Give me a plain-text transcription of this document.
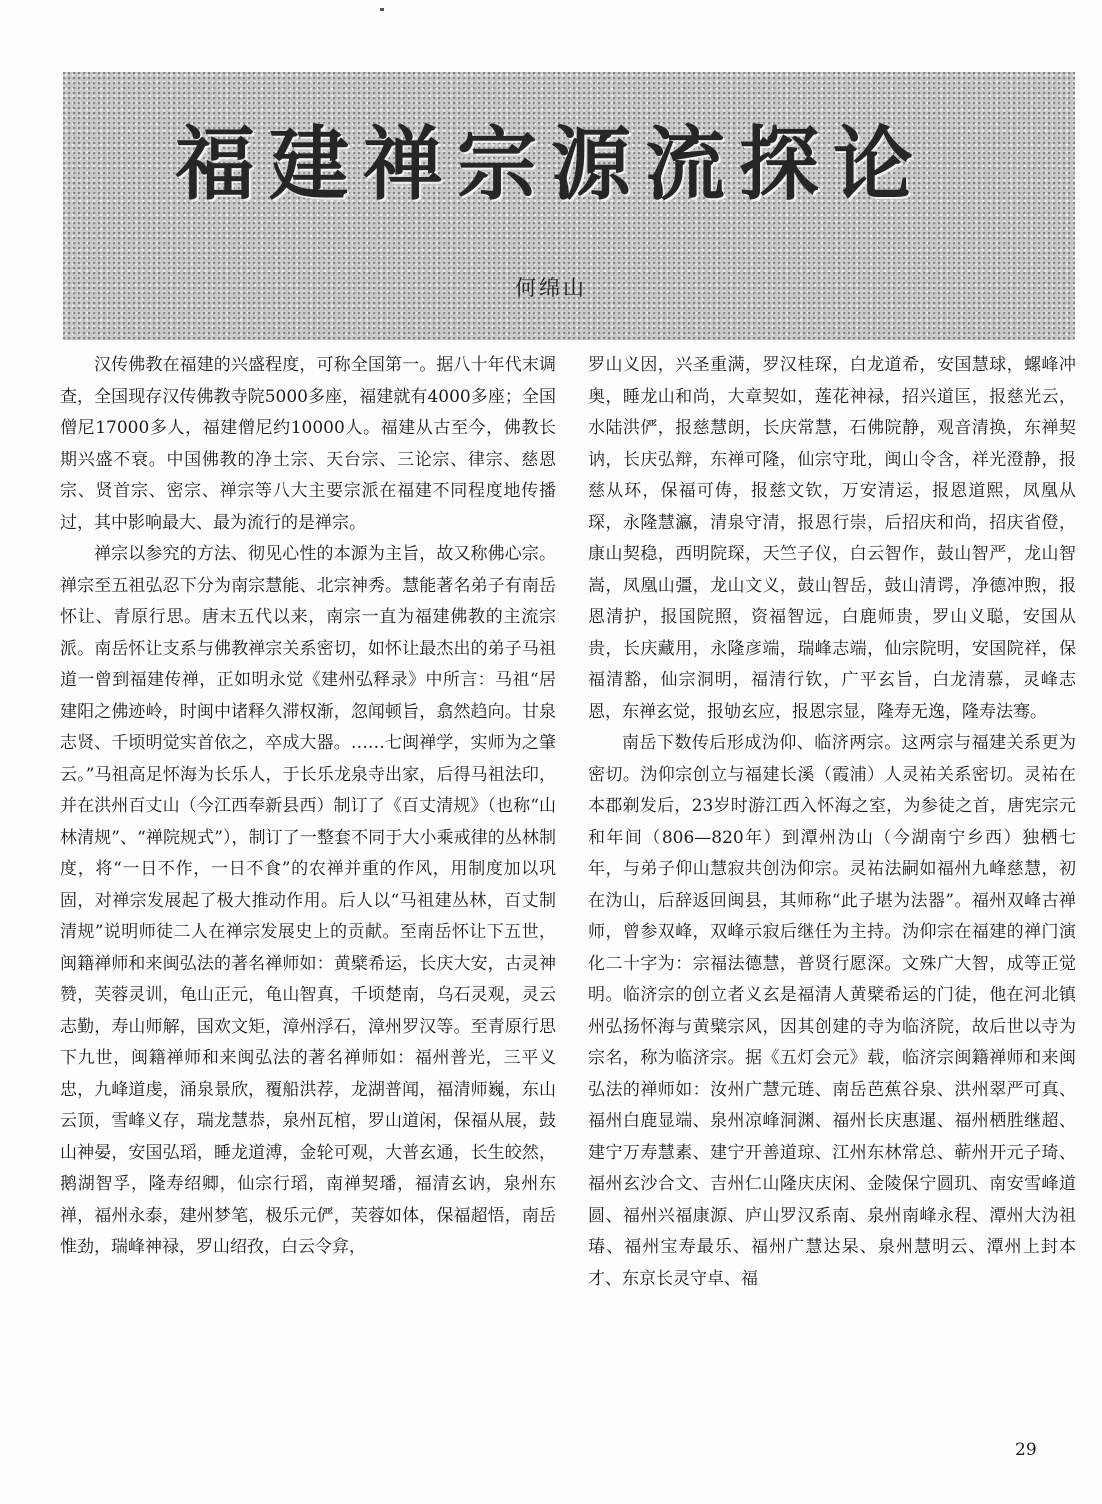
福建禅宗源流探论
何绵山

汉传佛教在福建的兴盛程度，可称全国第一。据八十年代末调查，全国现存汉传佛教寺院5000多座，福建就有4000多座；全国僧尼17000多人，福建僧尼约10000人。福建从古至今，佛教长期兴盛不衰。中国佛教的净土宗、天台宗、三论宗、律宗、慈恩宗、贤首宗、密宗、禅宗等八大主要宗派在福建不同程度地传播过，其中影响最大、最为流行的是禅宗。

禅宗以参究的方法、彻见心性的本源为主旨，故又称佛心宗。禅宗至五祖弘忍下分为南宗慧能、北宗神秀。慧能著名弟子有南岳怀让、青原行思。唐末五代以来，南宗一直为福建佛教的主流宗派。南岳怀让支系与佛教禅宗关系密切，如怀让最杰出的弟子马祖道一曾到福建传禅，正如明永觉《建州弘释录》中所言：马祖“居建阳之佛迹岭，时闽中诸释久滞权渐，忽闻顿旨，翕然趋向。甘泉志贤、千顷明觉实首依之，卒成大器。……七闽禅学，实师为之肇云。”马祖高足怀海为长乐人，于长乐龙泉寺出家，后得马祖法印，并在洪州百丈山（今江西奉新县西）制订了《百丈清规》（也称“山林清规”、“禅院规式”），制订了一整套不同于大小乘戒律的丛林制度，将“一日不作，一日不食”的农禅并重的作风，用制度加以巩固，对禅宗发展起了极大推动作用。后人以“马祖建丛林，百丈制清规”说明师徒二人在禅宗发展史上的贡献。至南岳怀让下五世，闽籍禅师和来闽弘法的著名禅师如：黄檗希运，长庆大安，古灵神赞，芙蓉灵训，龟山正元，龟山智真，千顷楚南，乌石灵观，灵云志勤，寿山师解，国欢文矩，漳州浮石，漳州罗汉等。至青原行思下九世，闽籍禅师和来闽弘法的著名禅师如：福州普光，三平义忠，九峰道虔，涌泉景欣，覆船洪荐，龙湖普闻，福清师巍，东山云顶，雪峰义存，瑞龙慧恭，泉州瓦棺，罗山道闲，保福从展，鼓山神晏，安国弘瑫，睡龙道溥，金轮可观，大普玄通，长生皎然，鹅湖智孚，隆寿绍卿，仙宗行瑫，南禅契璠，福清玄讷，泉州东禅，福州永泰，建州梦笔，极乐元俨，芙蓉如体，保福超悟，南岳惟劲，瑞峰神禄，罗山绍孜，白云令弇，

罗山义因，兴圣重满，罗汉桂琛，白龙道希，安国慧球，螺峰冲奥，睡龙山和尚，大章契如，莲花神禄，招兴道匡，报慈光云，水陆洪俨，报慈慧朗，长庆常慧，石佛院静，观音清换，东禅契讷，长庆弘辩，东禅可隆，仙宗守玭，闽山令含，祥光澄静，报慈从环，保福可俦，报慈文钦，万安清运，报恩道熙，凤凰从琛，永隆慧瀛，清泉守清，报恩行崇，后招庆和尚，招庆省僜，康山契稳，西明院琛，天竺子仪，白云智作，鼓山智严，龙山智嵩，凤凰山彊，龙山文义，鼓山智岳，鼓山清谔，净德冲煦，报恩清护，报国院照，资福智远，白鹿师贵，罗山义聪，安国从贵，长庆藏用，永隆彦端，瑞峰志端，仙宗院明，安国院祥，保福清豁，仙宗洞明，福清行钦，广平玄旨，白龙清慕，灵峰志恩，东禅玄觉，报劬玄应，报恩宗显，隆寿无逸，隆寿法骞。

南岳下数传后形成沩仰、临济两宗。这两宗与福建关系更为密切。沩仰宗创立与福建长溪（霞浦）人灵祐关系密切。灵祐在本郡剃发后，23岁时游江西入怀海之室，为参徒之首，唐宪宗元和年间（806—820年）到潭州沩山（今湖南宁乡西）独栖七年，与弟子仰山慧寂共创沩仰宗。灵祐法嗣如福州九峰慈慧，初在沩山，后辞返回闽县，其师称“此子堪为法器”。福州双峰古禅师，曾参双峰，双峰示寂后继任为主持。沩仰宗在福建的禅门演化二十字为：宗福法德慧，普贤行愿深。文殊广大智，成等正觉明。临济宗的创立者义玄是福清人黄檗希运的门徒，他在河北镇州弘扬怀海与黄檗宗风，因其创建的寺为临济院，故后世以寺为宗名，称为临济宗。据《五灯会元》载，临济宗闽籍禅师和来闽弘法的禅师如：汝州广慧元琏、南岳芭蕉谷泉、洪州翠严可真、福州白鹿显端、泉州凉峰洞渊、福州长庆惠暹、福州栖胜继超、建宁万寿慧素、建宁开善道琼、江州东林常总、蕲州开元子琦、福州玄沙合文、吉州仁山隆庆庆闲、金陵保宁圆玑、南安雪峰道圆、福州兴福康源、庐山罗汉系南、泉州南峰永程、潭州大沩祖瑃、福州宝寿最乐、福州广慧达杲、泉州慧明云、潭州上封本才、东京长灵守卓、福

29
